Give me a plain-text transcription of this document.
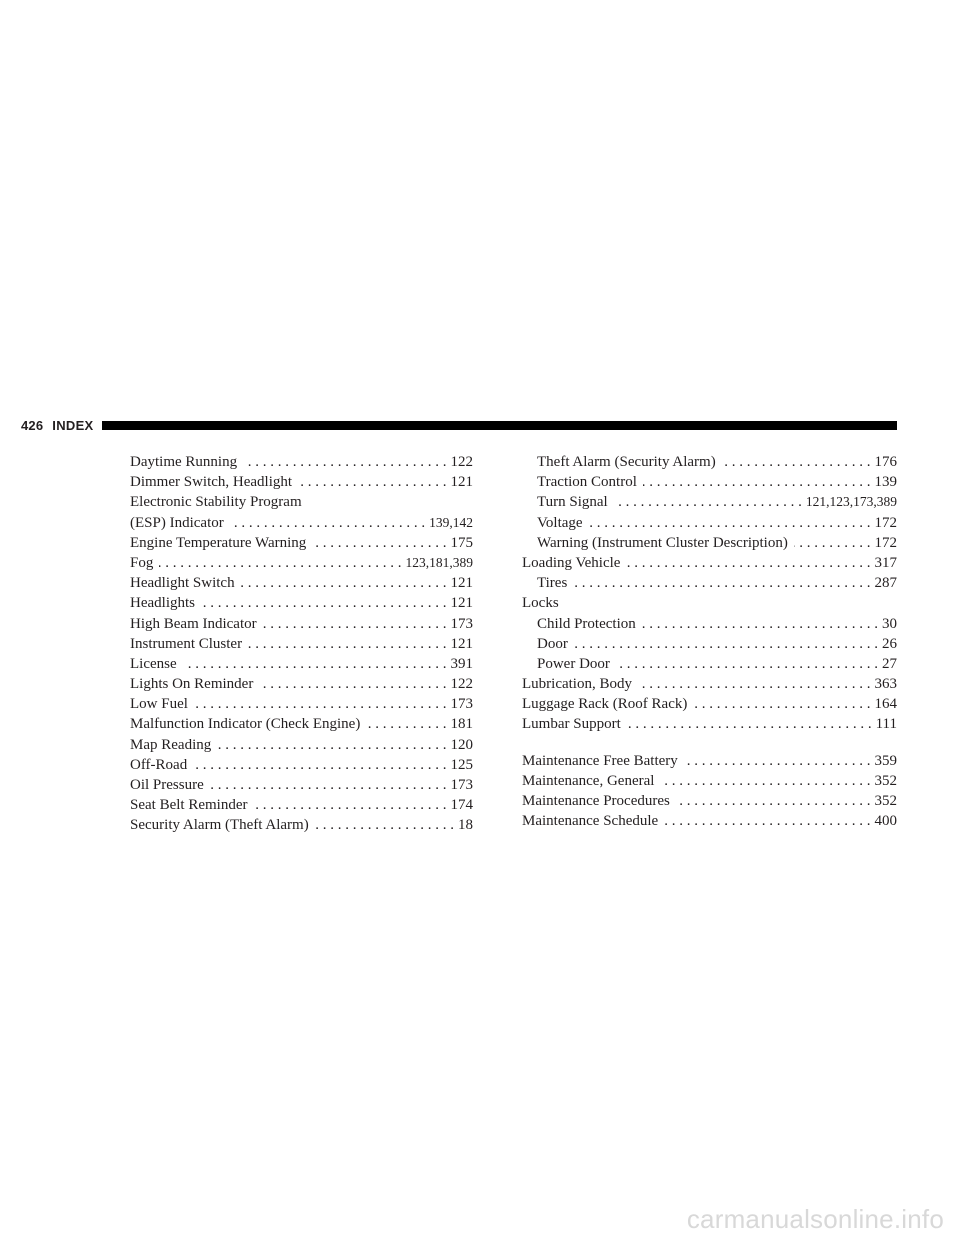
426 INDEX
Daytime Running . . .	122
Dimmer Switch, Headlight . . .	121
Electronic Stability Program
(ESP) Indicator . . .	139,142
Engine Temperature Warning . . .	175
Fog . . .	123,181,389
Headlight Switch . . .	121
Headlights . . .	121
High Beam Indicator . . .	173
Instrument Cluster . . .	121
License . . .	391
Lights On Reminder . . .	122
Low Fuel . . .	173
Malfunction Indicator (Check Engine) . . .	181
Map Reading . . .	120
Off-Road . . .	125
Oil Pressure . . .	173
Seat Belt Reminder . . .	174
Security Alarm (Theft Alarm) . . .	18
Theft Alarm (Security Alarm) . . .	176
Traction Control . . .	139
Turn Signal . . .	121,123,173,389
Voltage . . .	172
Warning (Instrument Cluster Description) . . .	172
Loading Vehicle . . .	317
Tires . . .	287
Locks
Child Protection . . .	30
Door . . .	26
Power Door . . .	27
Lubrication, Body . . .	363
Luggage Rack (Roof Rack) . . .	164
Lumbar Support . . .	111
Maintenance Free Battery . . .	359
Maintenance, General . . .	352
Maintenance Procedures . . .	352
Maintenance Schedule . . .	400
carmanualsonline.info
